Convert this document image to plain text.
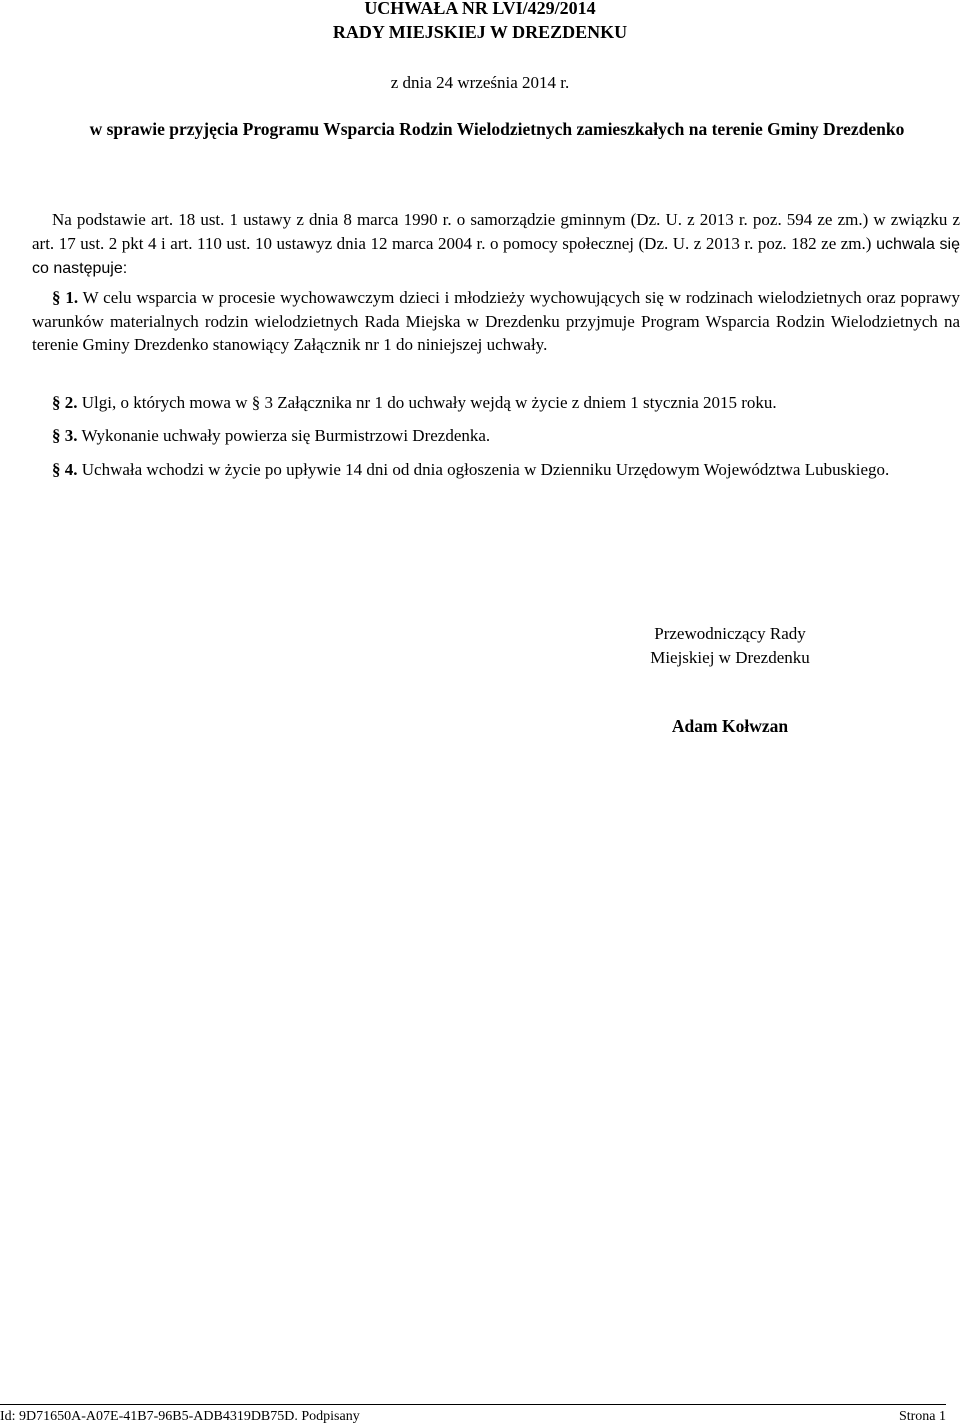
UCHWAŁA NR LVI/429/2014
RADY MIEJSKIEJ W DREZDENKU
z dnia 24 września 2014 r.
w sprawie przyjęcia Programu Wsparcia Rodzin Wielodzietnych zamieszkałych na terenie Gminy Drezdenko

Na podstawie art. 18 ust. 1 ustawy z dnia 8 marca 1990 r. o samorządzie gminnym (Dz. U. z 2013 r. poz. 594 ze zm.) w związku z art. 17 ust. 2 pkt 4 i art. 110 ust. 10 ustawyz dnia 12 marca 2004 r. o pomocy społecznej (Dz. U. z 2013 r. poz. 182 ze zm.) uchwala się co następuje:

§ 1. W celu wsparcia w procesie wychowawczym dzieci i młodzieży wychowujących się w rodzinach wielodzietnych oraz poprawy warunków materialnych rodzin wielodzietnych Rada Miejska w Drezdenku przyjmuje Program Wsparcia Rodzin Wielodzietnych na terenie Gminy Drezdenko stanowiący Załącznik nr 1 do niniejszej uchwały.

§ 2. Ulgi, o których mowa w § 3 Załącznika nr 1 do uchwały wejdą w życie z dniem 1 stycznia 2015 roku.

§ 3. Wykonanie uchwały powierza się Burmistrzowi Drezdenka.

§ 4. Uchwała wchodzi w życie po upływie 14 dni od dnia ogłoszenia w Dzienniku Urzędowym Województwa Lubuskiego.

Przewodniczący Rady
Miejskiej w Drezdenku
Adam Kołwzan
Id: 9D71650A-A07E-41B7-96B5-ADB4319DB75D. Podpisany	Strona 1
